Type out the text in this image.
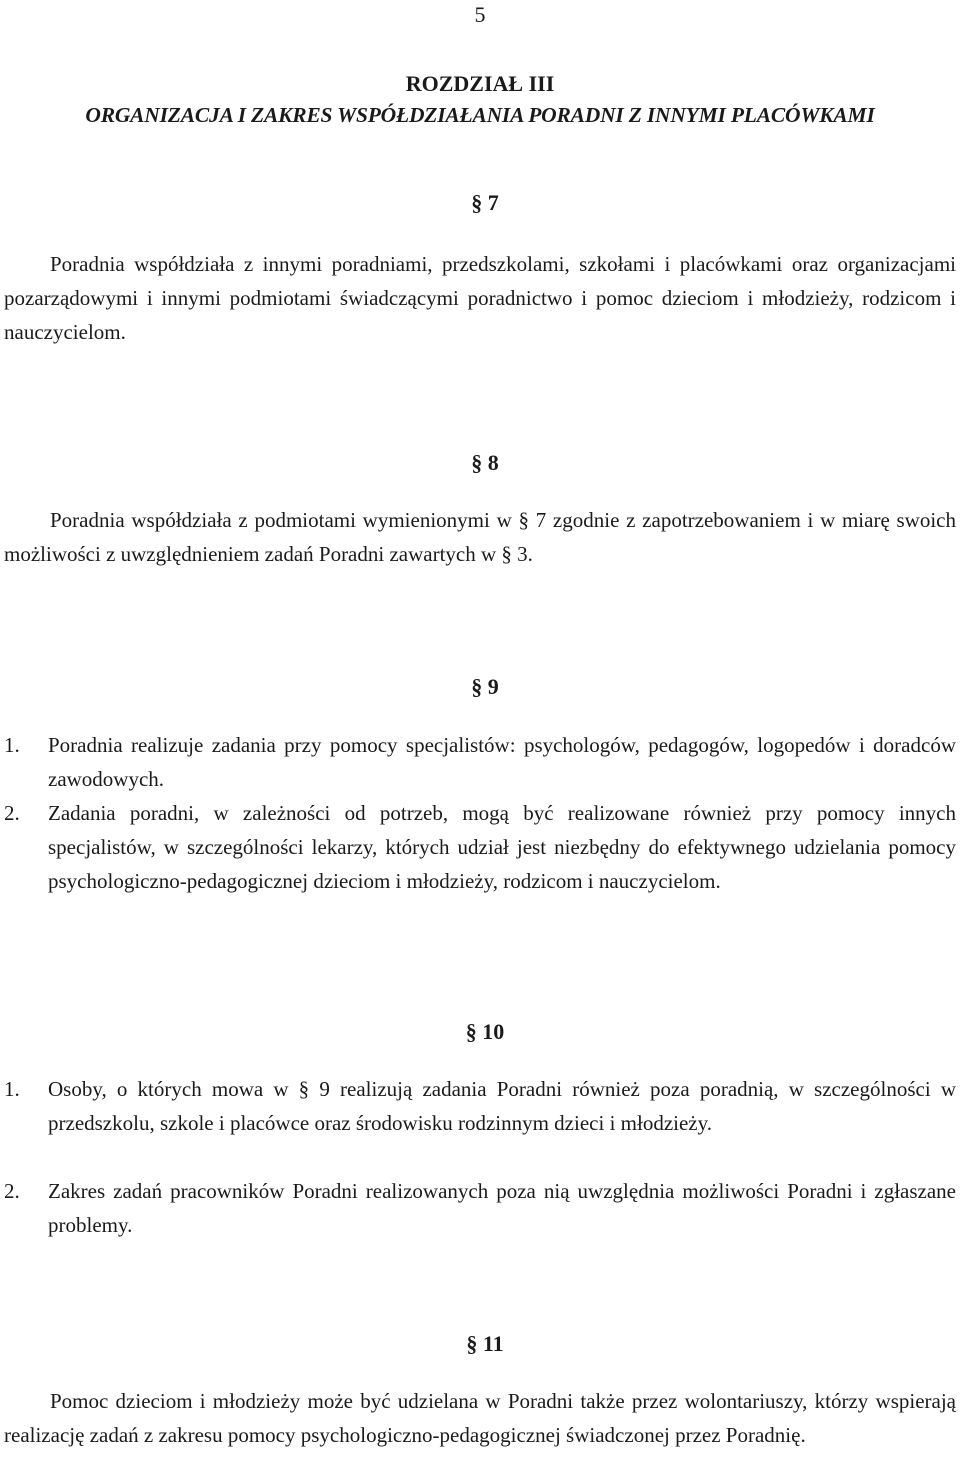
5
ROZDZIAŁ III
ORGANIZACJA I ZAKRES WSPÓŁDZIAŁANIA PORADNI Z INNYMI PLACÓWKAMI
§ 7

Poradnia współdziała z innymi poradniami, przedszkolami, szkołami i placówkami oraz organizacjami pozarządowymi i innymi podmiotami świadczącymi poradnictwo i pomoc dzieciom i młodzieży, rodzicom i nauczycielom.

§ 8

Poradnia współdziała z podmiotami wymienionymi w § 7 zgodnie z zapotrzebowaniem i w miarę swoich możliwości z uwzględnieniem zadań Poradni zawartych w § 3.

§ 9
1. Poradnia realizuje zadania przy pomocy specjalistów: psychologów, pedagogów, logopedów i doradców zawodowych.
2. Zadania poradni, w zależności od potrzeb, mogą być realizowane również przy pomocy innych specjalistów, w szczególności lekarzy, których udział jest niezbędny do efektywnego udzielania pomocy psychologiczno-pedagogicznej dzieciom i młodzieży, rodzicom i nauczycielom.
§ 10
1. Osoby, o których mowa w § 9 realizują zadania Poradni również poza poradnią, w szczególności w przedszkolu, szkole i placówce oraz środowisku rodzinnym dzieci i młodzieży.
2. Zakres zadań pracowników Poradni realizowanych poza nią uwzględnia możliwości Poradni i zgłaszane problemy.
§ 11

Pomoc dzieciom i młodzieży może być udzielana w Poradni także przez wolontariuszy, którzy wspierają realizację zadań z zakresu pomocy psychologiczno-pedagogicznej świadczonej przez Poradnię.
